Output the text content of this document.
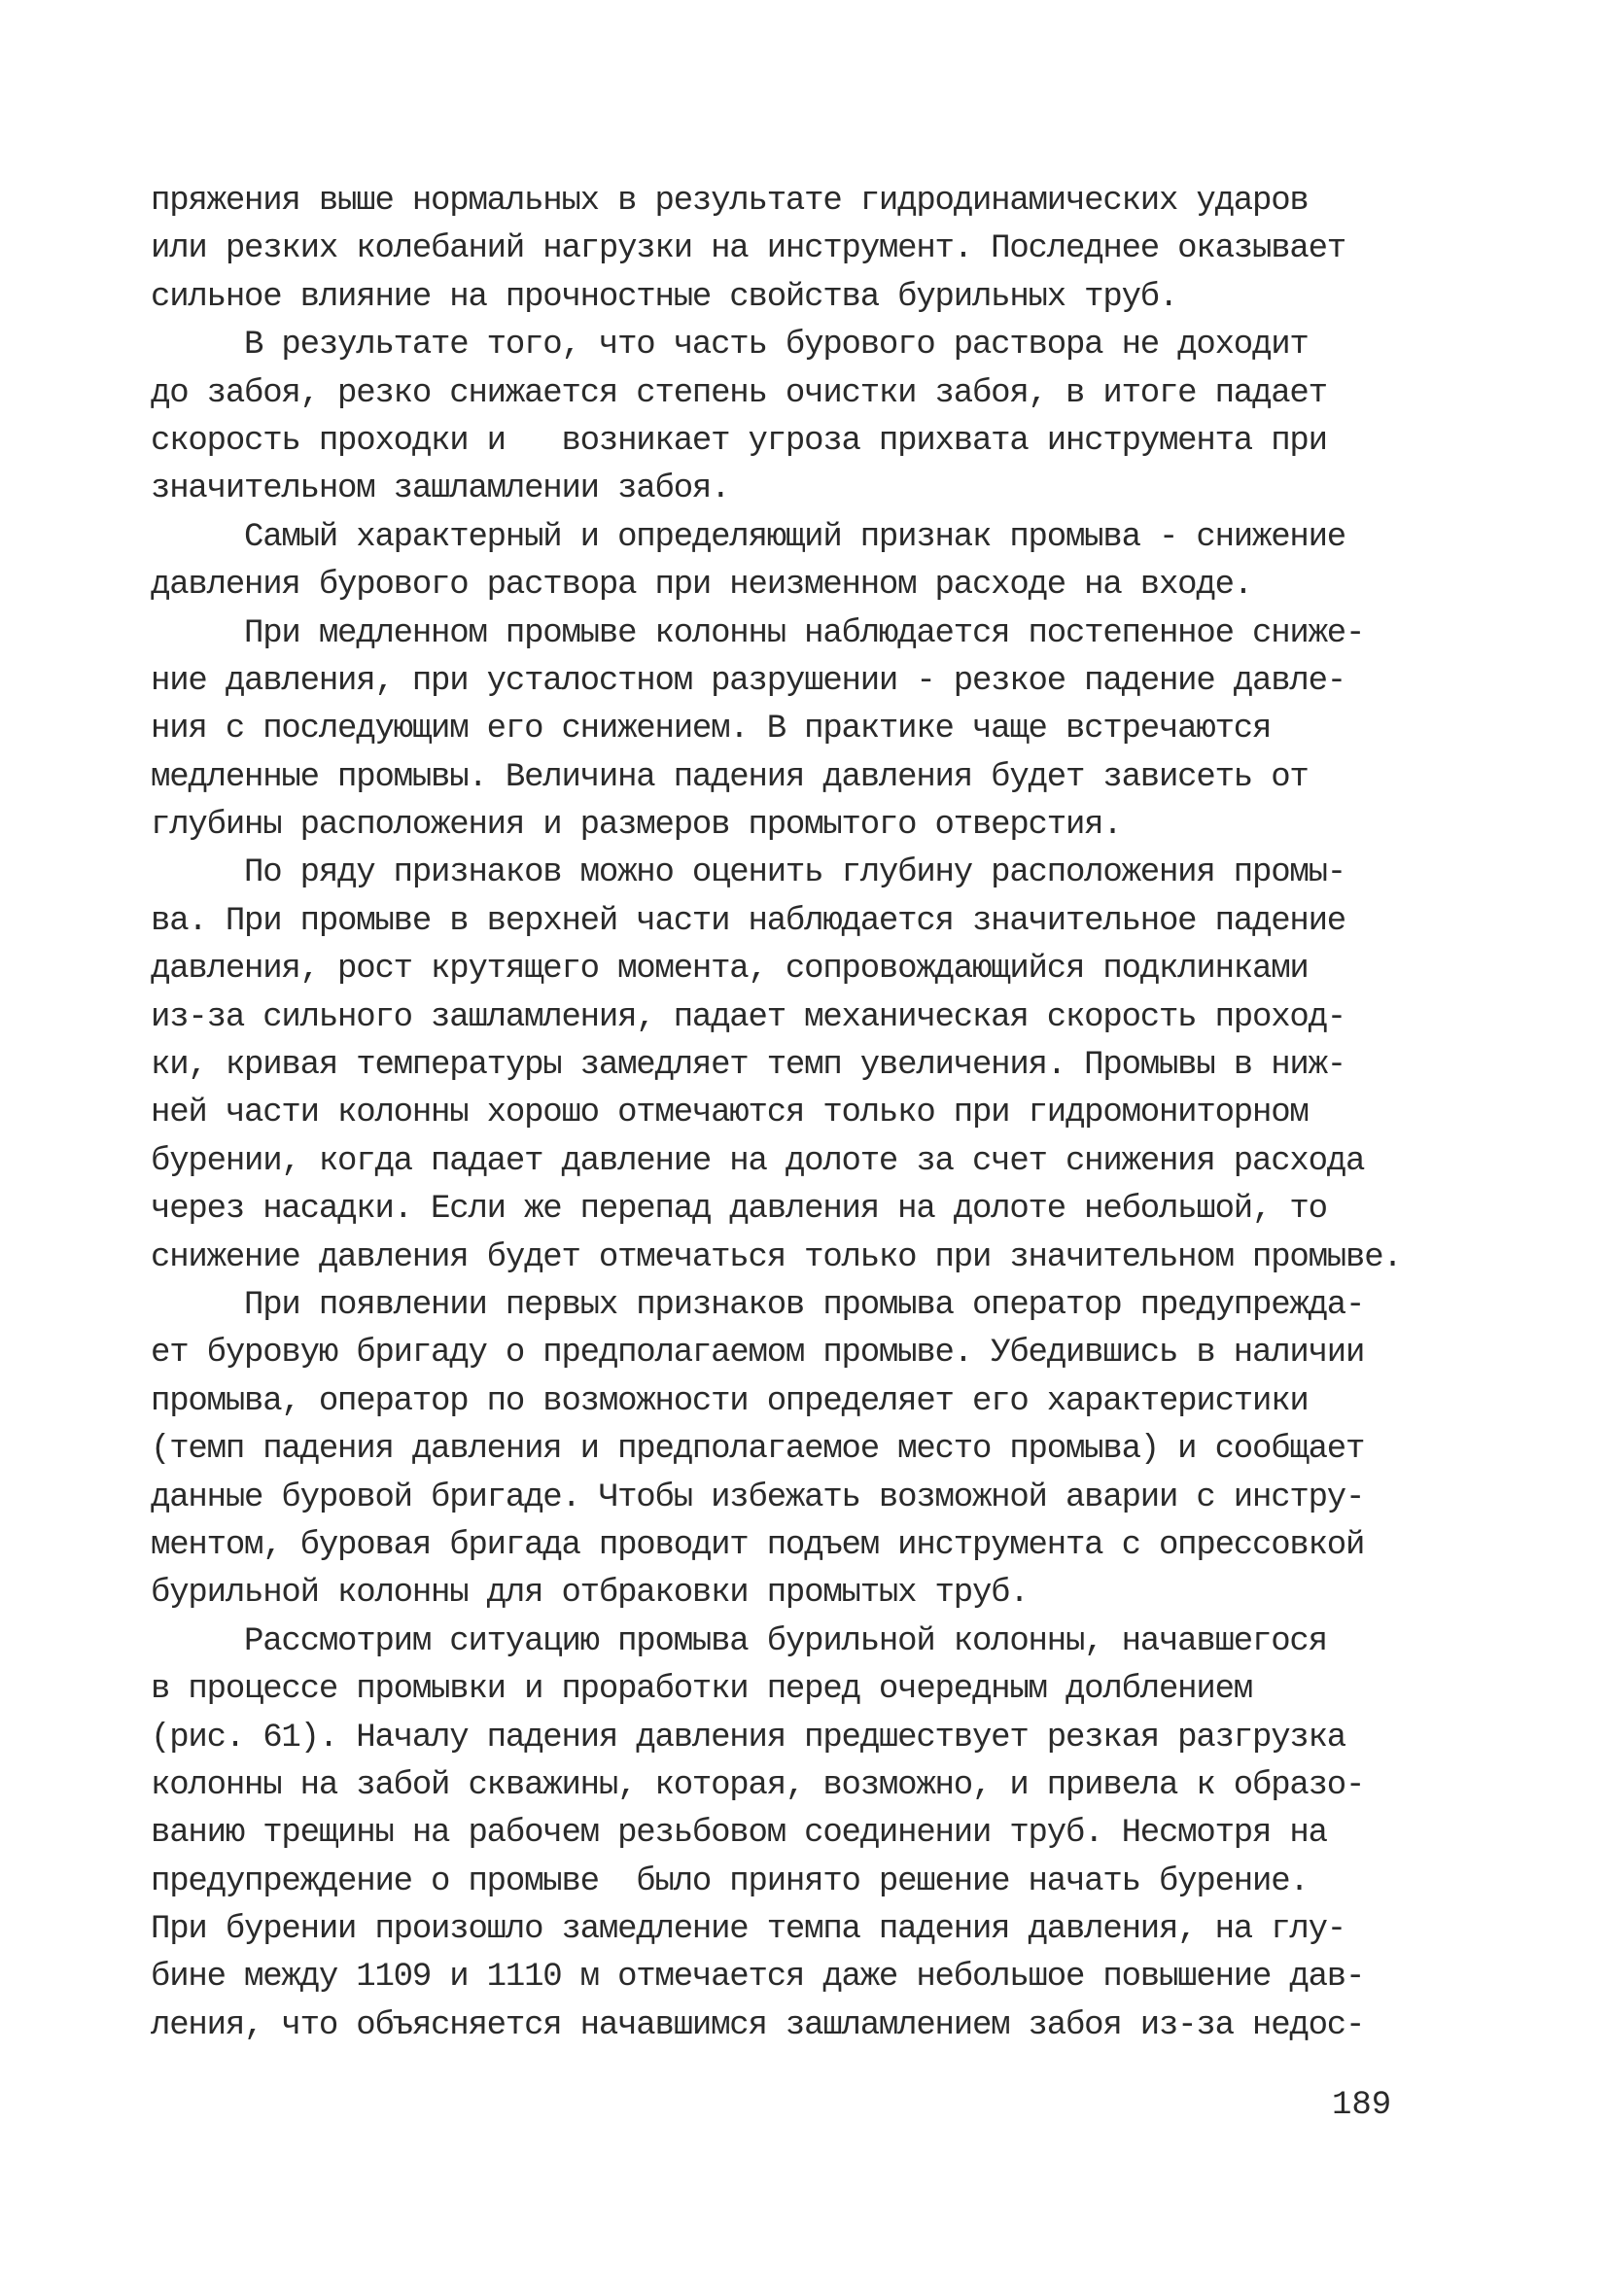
пряжения выше нормальных в результате гидродинамических ударов
или резких колебаний нагрузки на инструмент. Последнее оказывает
сильное влияние на прочностные свойства бурильных труб.
В результате того, что часть бурового раствора не доходит
до забоя, резко снижается степень очистки забоя, в итоге падает
скорость проходки и   возникает угроза прихвата инструмента при
значительном зашламлении забоя.
Самый характерный и определяющий признак промыва - снижение
давления бурового раствора при неизменном расходе на входе.
При медленном промыве колонны наблюдается постепенное сниже-
ние давления, при усталостном разрушении - резкое падение давле-
ния с последующим его снижением. В практике чаще встречаются
медленные промывы. Величина падения давления будет зависеть от
глубины расположения и размеров промытого отверстия.
По ряду признаков можно оценить глубину расположения промы-
ва. При промыве в верхней части наблюдается значительное падение
давления, рост крутящего момента, сопровождающийся подклинками
из-за сильного зашламления, падает механическая скорость проход-
ки, кривая температуры замедляет темп увеличения. Промывы в ниж-
ней части колонны хорошо отмечаются только при гидромониторном
бурении, когда падает давление на долоте за счет снижения расхода
через насадки. Если же перепад давления на долоте небольшой, то
снижение давления будет отмечаться только при значительном промыве.
При появлении первых признаков промыва оператор предупрежда-
ет буровую бригаду о предполагаемом промыве. Убедившись в наличии
промыва, оператор по возможности определяет его характеристики
(темп падения давления и предполагаемое место промыва) и сообщает
данные буровой бригаде. Чтобы избежать возможной аварии с инстру-
ментом, буровая бригада проводит подъем инструмента с опрессовкой
бурильной колонны для отбраковки промытых труб.
Рассмотрим ситуацию промыва бурильной колонны, начавшегося
в процессе промывки и проработки перед очередным долблением
(рис. 61). Началу падения давления предшествует резкая разгрузка
колонны на забой скважины, которая, возможно, и привела к образо-
ванию трещины на рабочем резьбовом соединении труб. Несмотря на
предупреждение о промыве  было принято решение начать бурение.
При бурении произошло замедление темпа падения давления, на глу-
бине между 1109 и 1110 м отмечается даже небольшое повышение дав-
ления, что объясняется начавшимся зашламлением забоя из-за недос-
189
